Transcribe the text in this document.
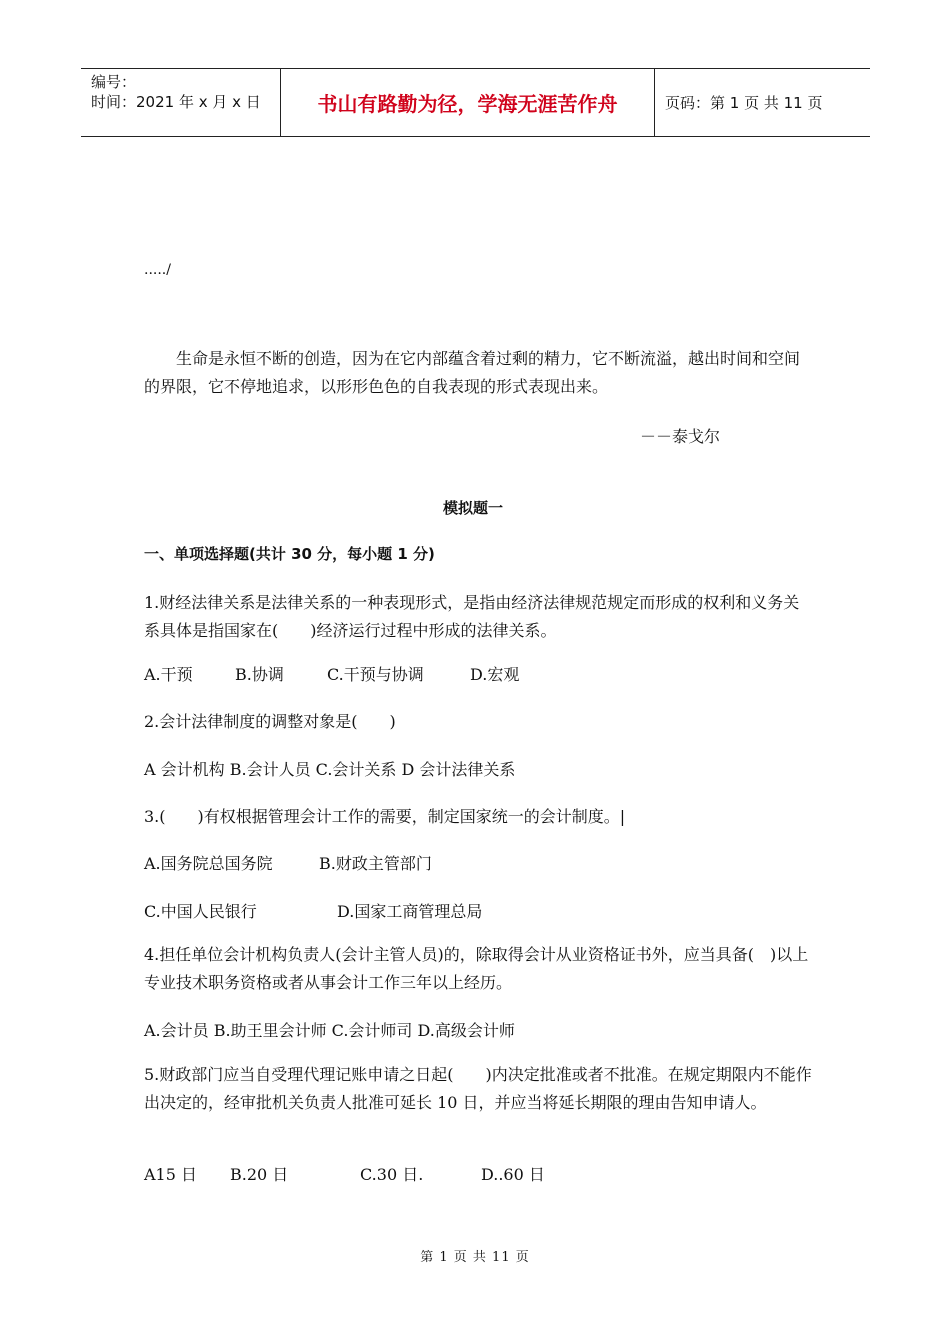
编号：
时间：2021 年 x 月 x 日	书山有路勤为径，学海无涯苦作舟	页码：第 1 页 共 11 页
...../
生命是永恒不断的创造，因为在它内部蕴含着过剩的精力，它不断流溢，越出时间和空间的界限，它不停地追求，以形形色色的自我表现的形式表现出来。
－－泰戈尔
模拟题一
一、单项选择题(共计 30 分，每小题 1 分)
1.财经法律关系是法律关系的一种表现形式，是指由经济法律规范规定而形成的权利和义务关系具体是指国家在(　　)经济运行过程中形成的法律关系。
A.干预	B.协调	C.干预与协调	D.宏观
2.会计法律制度的调整对象是(　　)
A 会计机构 B.会计人员 C.会计关系 D 会计法律关系
3.(　　)有权根据管理会计工作的需要，制定国家统一的会计制度。|
A.国务院总国务院	B.财政主管部门
C.中国人民银行	D.国家工商管理总局
4.担任单位会计机构负责人(会计主管人员)的，除取得会计从业资格证书外，应当具备(　)以上专业技术职务资格或者从事会计工作三年以上经历。
A.会计员 B.助王里会计师 C.会计师司 D.高级会计师
5.财政部门应当自受理代理记账申请之日起(　　)内决定批准或者不批准。在规定期限内不能作出决定的，经审批机关负责人批准可延长 10 日，并应当将延长期限的理由告知申请人。
A15 日 B.20 日	C.30 日.	D..60 日
第 1 页 共 11 页
